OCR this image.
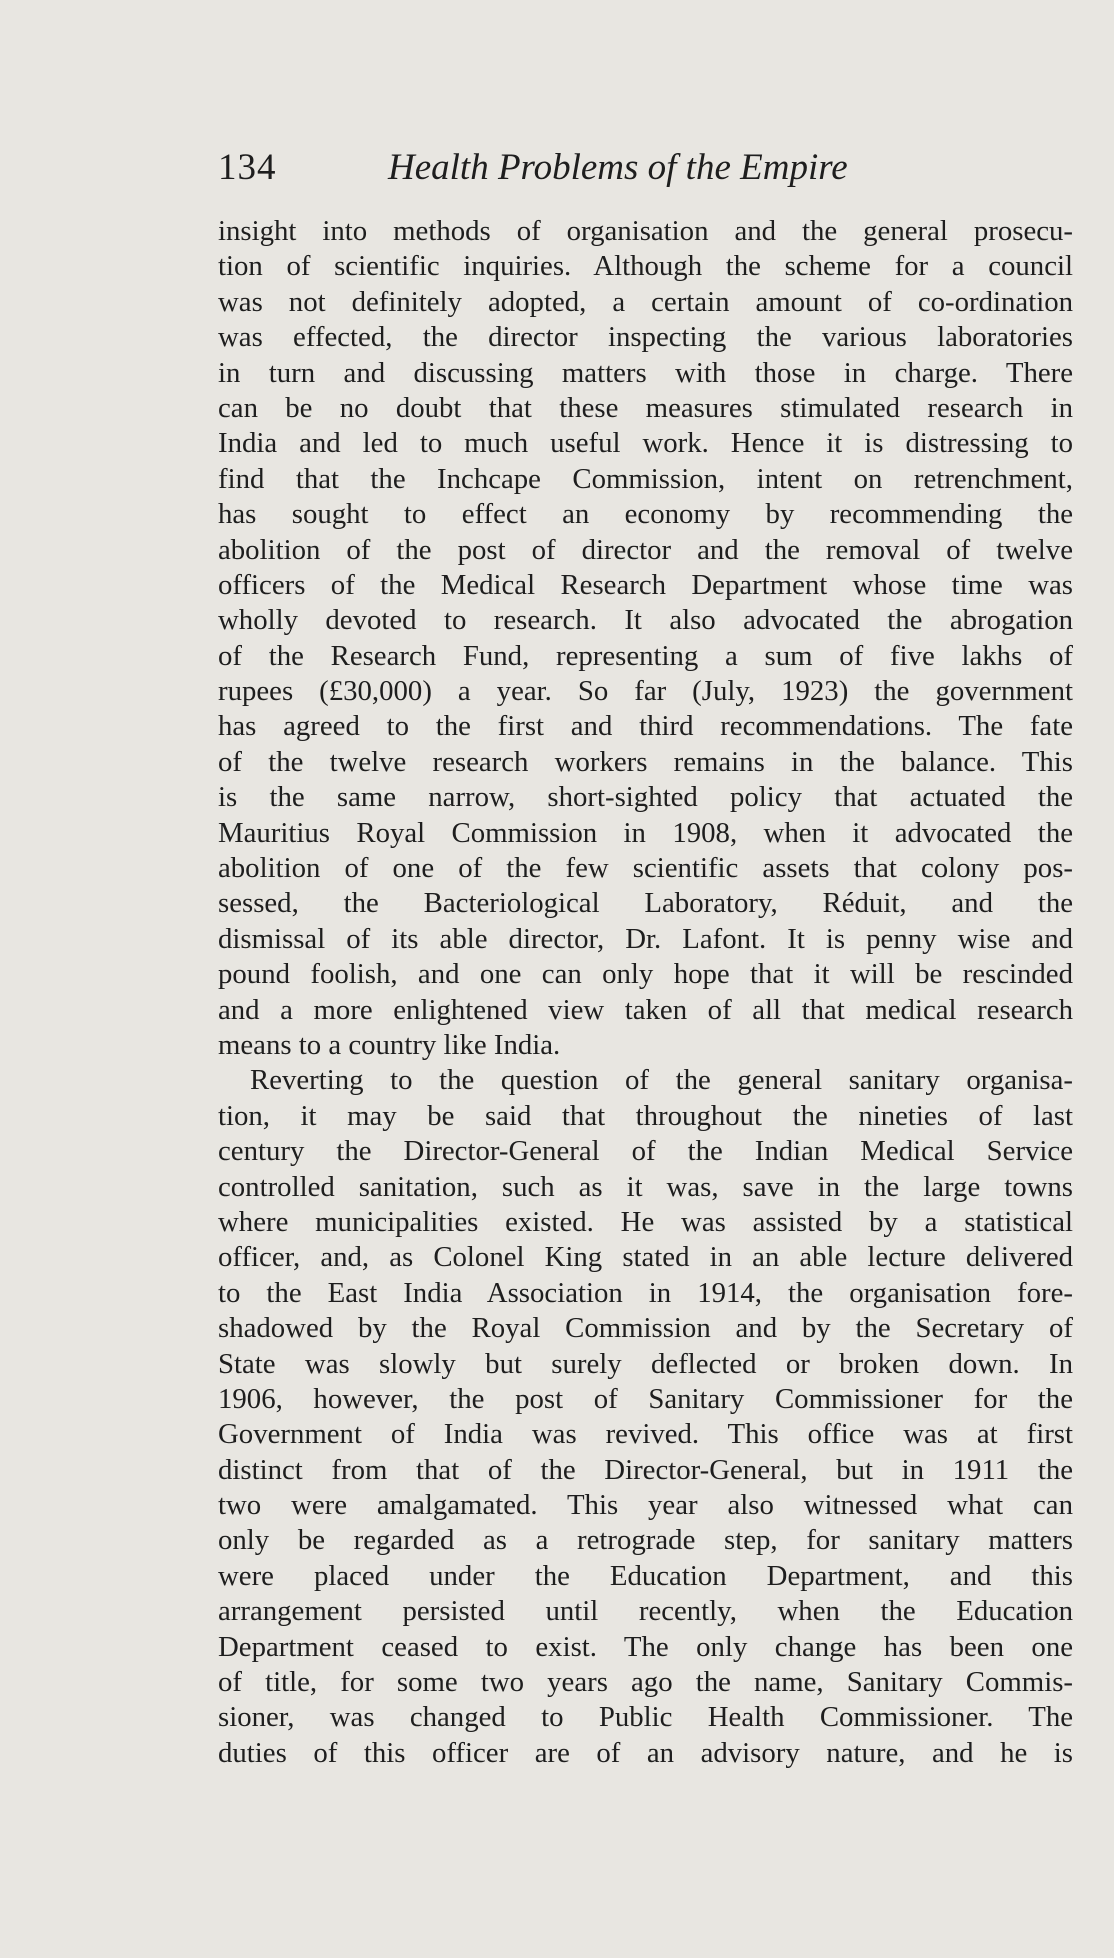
134	Health Problems of the Empire
insight into methods of organisation and the general prosecu-
tion of scientific inquiries. Although the scheme for a council
was not definitely adopted, a certain amount of co-ordination
was effected, the director inspecting the various laboratories
in turn and discussing matters with those in charge. There
can be no doubt that these measures stimulated research in
India and led to much useful work. Hence it is distressing to
find that the Inchcape Commission, intent on retrenchment,
has sought to effect an economy by recommending the
abolition of the post of director and the removal of twelve
officers of the Medical Research Department whose time was
wholly devoted to research. It also advocated the abrogation
of the Research Fund, representing a sum of five lakhs of
rupees (£30,000) a year. So far (July, 1923) the government
has agreed to the first and third recommendations. The fate
of the twelve research workers remains in the balance. This
is the same narrow, short-sighted policy that actuated the
Mauritius Royal Commission in 1908, when it advocated the
abolition of one of the few scientific assets that colony pos-
sessed, the Bacteriological Laboratory, Réduit, and the
dismissal of its able director, Dr. Lafont. It is penny wise and
pound foolish, and one can only hope that it will be rescinded
and a more enlightened view taken of all that medical research
means to a country like India.
Reverting to the question of the general sanitary organisa-
tion, it may be said that throughout the nineties of last
century the Director-General of the Indian Medical Service
controlled sanitation, such as it was, save in the large towns
where municipalities existed. He was assisted by a statistical
officer, and, as Colonel King stated in an able lecture delivered
to the East India Association in 1914, the organisation fore-
shadowed by the Royal Commission and by the Secretary of
State was slowly but surely deflected or broken down. In
1906, however, the post of Sanitary Commissioner for the
Government of India was revived. This office was at first
distinct from that of the Director-General, but in 1911 the
two were amalgamated. This year also witnessed what can
only be regarded as a retrograde step, for sanitary matters
were placed under the Education Department, and this
arrangement persisted until recently, when the Education
Department ceased to exist. The only change has been one
of title, for some two years ago the name, Sanitary Commis-
sioner, was changed to Public Health Commissioner. The
duties of this officer are of an advisory nature, and he is
